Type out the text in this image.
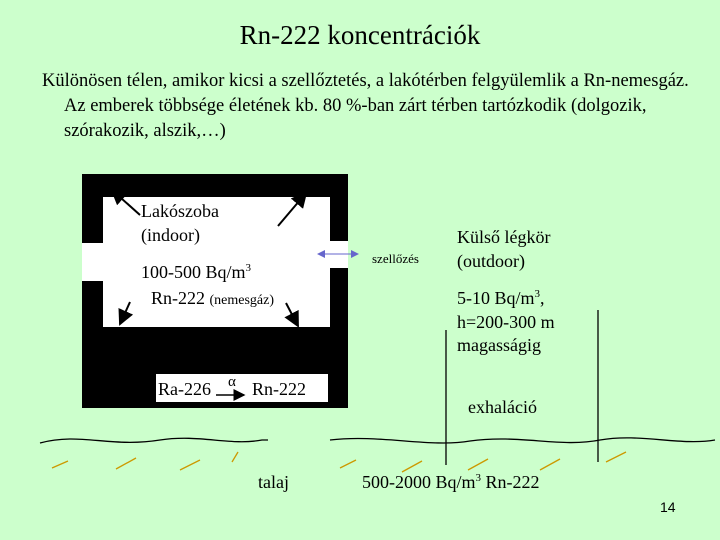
Rn-222 koncentrációk
Különösen télen, amikor kicsi a szellőztetés, a lakótérben felgyülemlik a Rn-nemesgáz. Az emberek többsége életének kb. 80 %-ban zárt térben tartózkodik (dolgozik, szórakozik, alszik,…)
Lakószoba
(indoor)
100-500 $Bq/m^3$
Rn-222 (nemesgáz)
szellőzés
Külső légkör
(outdoor)
5-10 $Bq/m^3$,
h=200-300 m
magasságig
Ra-226 α Rn-222
exhaláció
talaj	500-2000 $Bq/m^3$ Rn-222
14
